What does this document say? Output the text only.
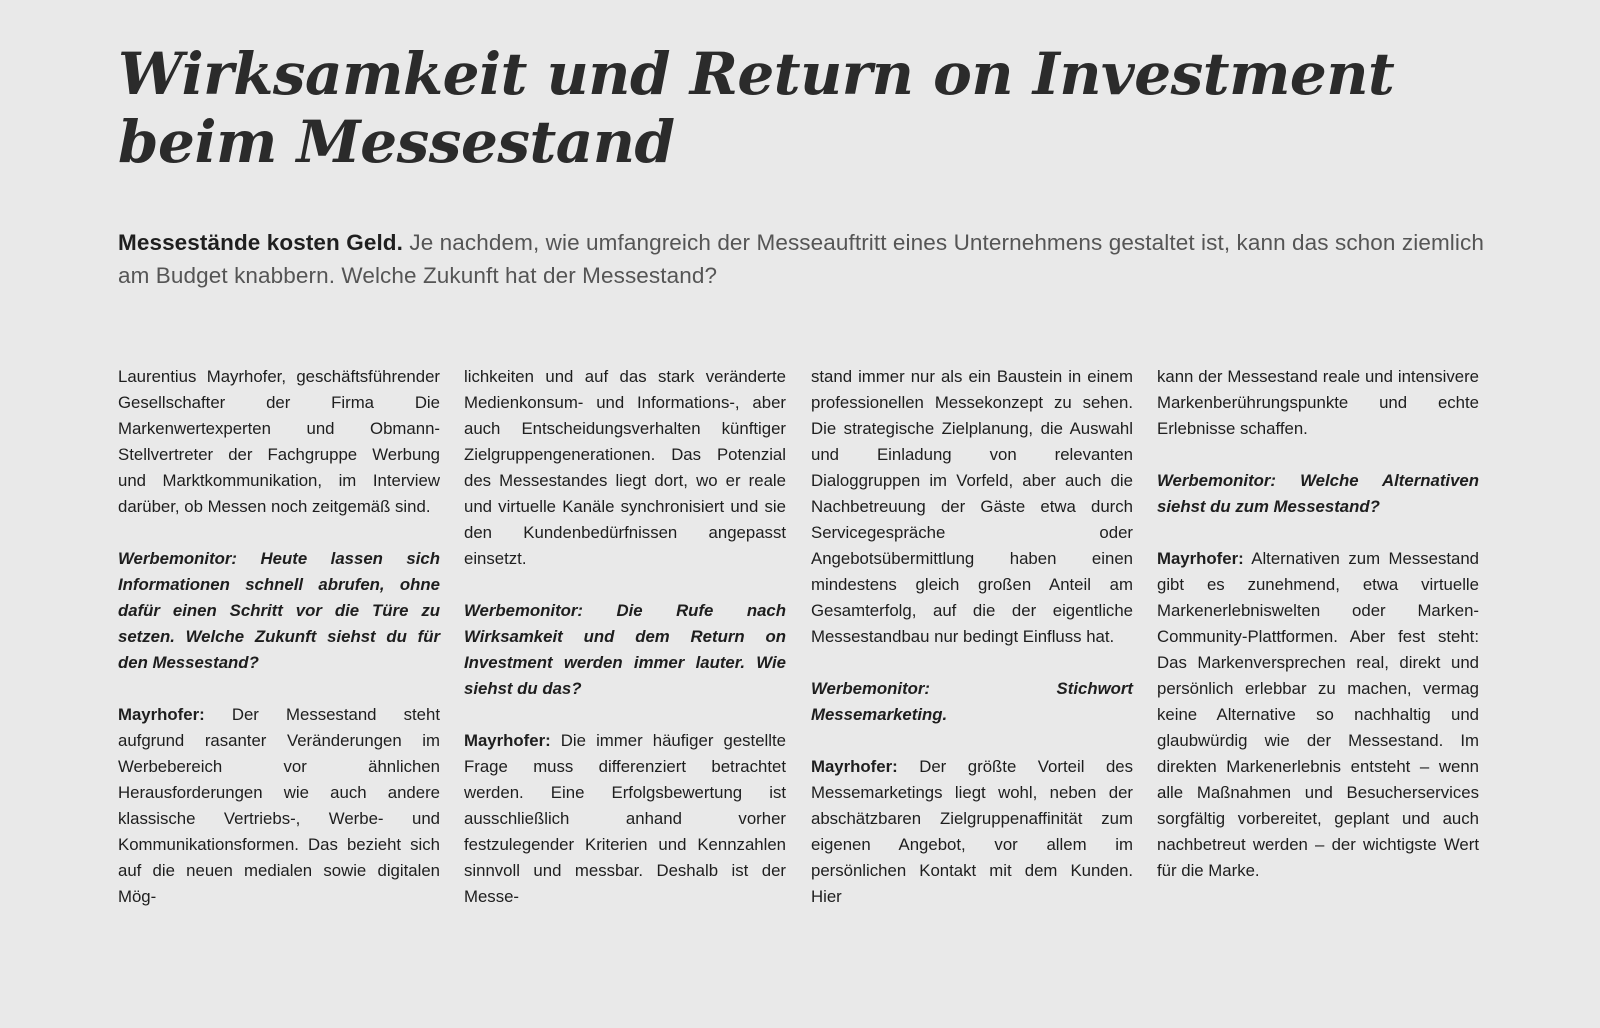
Wirksamkeit und Return on Investment beim Messestand

Messestände kosten Geld. Je nachdem, wie umfangreich der Messeauftritt eines Unternehmens gestaltet ist, kann das schon ziemlich am Budget knabbern. Welche Zukunft hat der Messestand?

Laurentius Mayrhofer, geschäftsführender Gesellschafter der Firma Die Markenwertexperten und Obmann-Stellvertreter der Fachgruppe Werbung und Marktkommunikation, im Interview darüber, ob Messen noch zeitgemäß sind.

Werbemonitor: Heute lassen sich Informationen schnell abrufen, ohne dafür einen Schritt vor die Türe zu setzen. Welche Zukunft siehst du für den Messestand?

Mayrhofer: Der Messestand steht aufgrund rasanter Veränderungen im Werbebereich vor ähnlichen Herausforderungen wie auch andere klassische Vertriebs-, Werbe- und Kommunikationsformen. Das bezieht sich auf die neuen medialen sowie digitalen Mög-

lichkeiten und auf das stark veränderte Medienkonsum- und Informations-, aber auch Entscheidungsverhalten künftiger Zielgruppengenerationen. Das Potenzial des Messestandes liegt dort, wo er reale und virtuelle Kanäle synchronisiert und sie den Kundenbedürfnissen angepasst einsetzt.

Werbemonitor: Die Rufe nach Wirksamkeit und dem Return on Investment werden immer lauter. Wie siehst du das?

Mayrhofer: Die immer häufiger gestellte Frage muss differenziert betrachtet werden. Eine Erfolgsbewertung ist ausschließlich anhand vorher festzulegender Kriterien und Kennzahlen sinnvoll und messbar. Deshalb ist der Messe-

stand immer nur als ein Baustein in einem professionellen Messekonzept zu sehen. Die strategische Zielplanung, die Auswahl und Einladung von relevanten Dialoggruppen im Vorfeld, aber auch die Nachbetreuung der Gäste etwa durch Servicegespräche oder Angebotsübermittlung haben einen mindestens gleich großen Anteil am Gesamterfolg, auf die der eigentliche Messestandbau nur bedingt Einfluss hat.

Werbemonitor: Stichwort Messemarketing.

Mayrhofer: Der größte Vorteil des Messemarketings liegt wohl, neben der abschätzbaren Zielgruppenaffinität zum eigenen Angebot, vor allem im persönlichen Kontakt mit dem Kunden. Hier

kann der Messestand reale und intensivere Markenberührungspunkte und echte Erlebnisse schaffen.

Werbemonitor: Welche Alternativen siehst du zum Messestand?

Mayrhofer: Alternativen zum Messestand gibt es zunehmend, etwa virtuelle Markenerlebniswelten oder Marken-Community-Plattformen. Aber fest steht: Das Markenversprechen real, direkt und persönlich erlebbar zu machen, vermag keine Alternative so nachhaltig und glaubwürdig wie der Messestand. Im direkten Markenerlebnis entsteht – wenn alle Maßnahmen und Besucherservices sorgfältig vorbereitet, geplant und auch nachbetreut werden – der wichtigste Wert für die Marke.
